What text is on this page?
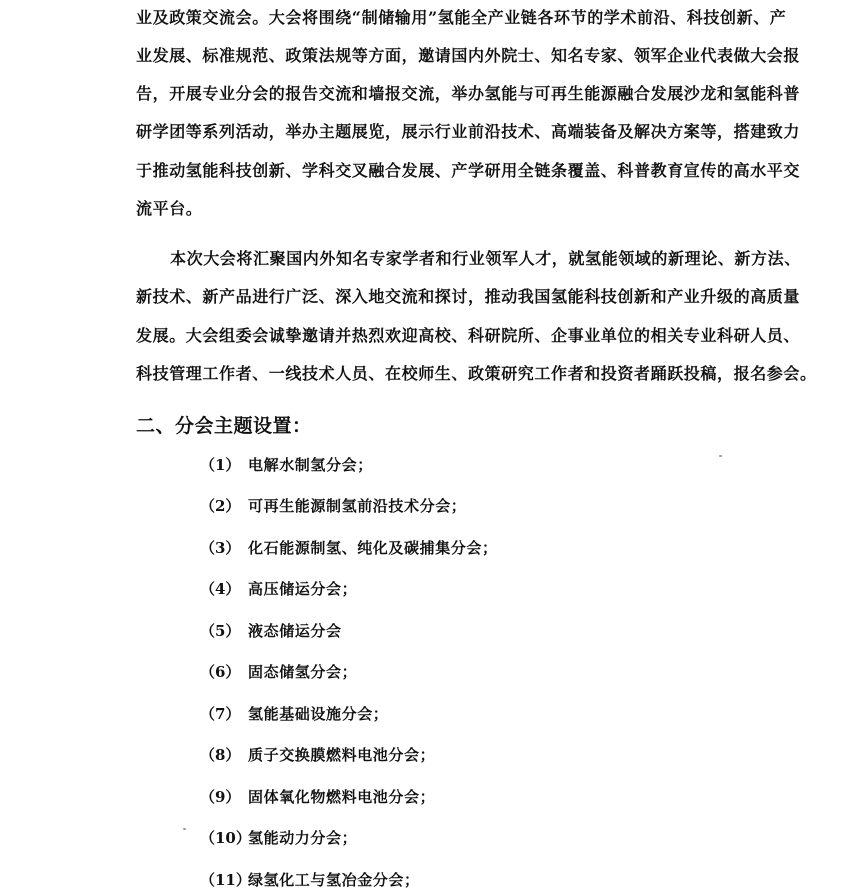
业及政策交流会。大会将围绕“制储输用”氢能全产业链各环节的学术前沿、科技创新、产
业发展、标准规范、政策法规等方面，邀请国内外院士、知名专家、领军企业代表做大会报
告，开展专业分会的报告交流和墙报交流，举办氢能与可再生能源融合发展沙龙和氢能科普
研学团等系列活动，举办主题展览，展示行业前沿技术、高端装备及解决方案等，搭建致力
于推动氢能科技创新、学科交叉融合发展、产学研用全链条覆盖、科普教育宣传的高水平交
流平台。
本次大会将汇聚国内外知名专家学者和行业领军人才，就氢能领域的新理论、新方法、
新技术、新产品进行广泛、深入地交流和探讨，推动我国氢能科技创新和产业升级的高质量
发展。大会组委会诚挚邀请并热烈欢迎高校、科研院所、企事业单位的相关专业科研人员、
科技管理工作者、一线技术人员、在校师生、政策研究工作者和投资者踊跃投稿，报名参会。
二、分会主题设置：
（1） 电解水制氢分会；
（2） 可再生能源制氢前沿技术分会；
（3） 化石能源制氢、纯化及碳捕集分会；
（4） 高压储运分会；
（5） 液态储运分会
（6） 固态储氢分会；
（7） 氢能基础设施分会；
（8） 质子交换膜燃料电池分会；
（9） 固体氧化物燃料电池分会；
（10）氢能动力分会；
（11）绿氢化工与氢冶金分会；
